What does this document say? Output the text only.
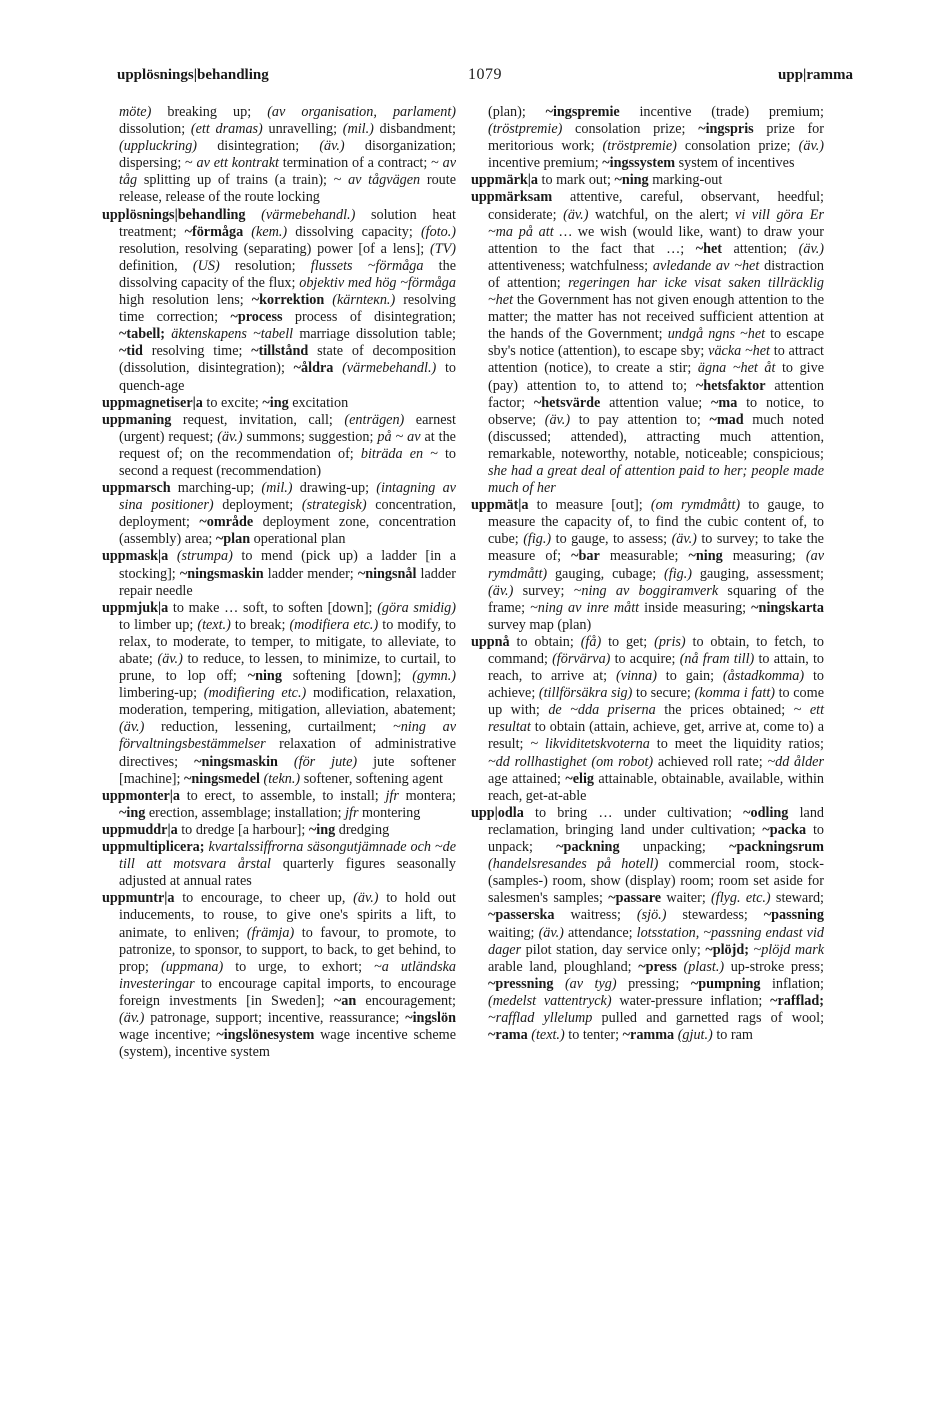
upplösnings|behandling	1079	upp|ramma

möte) breaking up; (av organisation, parlament) dissolution; (ett dramas) unravelling; (mil.) disbandment; (uppluckring) disintegration; (äv.) disorganization; dispersing; ~ av ett kontrakt termination of a contract; ~ av tåg splitting up of trains (a train); ~ av tågvägen route release, release of the route locking

upplösnings|behandling (värmebehandl.) solution heat treatment; ~förmåga (kem.) dissolving capacity; (foto.) resolution, resolving (separating) power [of a lens]; (TV) definition, (US) resolution; flussets ~förmåga the dissolving capacity of the flux; objektiv med hög ~förmåga high resolution lens; ~korrektion (kärnteкn.) resolving time correction; ~process process of disintegration; ~tabell; äktenskapens ~tabell marriage dissolution table; ~tid resolving time; ~tillstånd state of decomposition (dissolution, disintegration); ~åldra (värmebehandl.) to quench-age

uppmagnetiser|a to excite; ~ing excitation

uppmaning request, invitation, call; (enträgen) earnest (urgent) request; (äv.) summons; suggestion; på ~ av at the request of; on the recommendation of; biträda en ~ to second a request (recommendation)

uppmarsch marching-up; (mil.) drawing-up; (intagning av sina positioner) deployment; (strategisk) concentration, deployment; ~område deployment zone, concentration (assembly) area; ~plan operational plan

uppmask|a (strumpa) to mend (pick up) a ladder [in a stocking]; ~ningsmaskin ladder mender; ~ningsnål ladder repair needle

uppmjuk|a to make … soft, to soften [down]; (göra smidig) to limber up; (text.) to break; (modifiera etc.) to modify, to relax, to moderate, to temper, to mitigate, to alleviate, to abate; (äv.) to reduce, to lessen, to minimize, to curtail, to prune, to lop off; ~ning softening [down]; (gymn.) limbering-up; (modifiering etc.) modification, relaxation, moderation, tempering, mitigation, alleviation, abatement; (äv.) reduction, lessening, curtailment; ~ning av förvaltningsbestämmelser relaxation of administrative directives; ~ningsmaskin (för jute) jute softener [machine]; ~ningsmedel (tekn.) softener, softening agent

uppmonter|a to erect, to assemble, to install; jfr montera; ~ing erection, assemblage; installation; jfr montering

uppmuddr|a to dredge [a harbour]; ~ing dredging

uppmultiplicera; kvartalssiffrorna säsongutjämnade och ~de till att motsvara årstal quarterly figures seasonally adjusted at annual rates

uppmuntr|a to encourage, to cheer up, (äv.) to hold out inducements, to rouse, to give one's spirits a lift, to animate, to enliven; (främja) to favour, to promote, to patronize, to sponsor, to support, to back, to get behind, to prop; (uppmana) to urge, to exhort; ~a utländska investeringar to encourage capital imports, to encourage foreign investments [in Sweden]; ~an encouragement; (äv.) patronage, support; incentive, reassurance; ~ingslön wage incentive; ~ingslönesystem wage incentive scheme (system), incentive system

(plan); ~ingspremie incentive (trade) premium; (tröstpremie) consolation prize; ~ingspris prize for meritorious work; (tröstpremie) consolation prize; (äv.) incentive premium; ~ingssystem system of incentives

uppmärk|a to mark out; ~ning marking-out

uppmärksam attentive, careful, observant, heedful; considerate; (äv.) watchful, on the alert; vi vill göra Er ~ma på att … we wish (would like, want) to draw your attention to the fact that …; ~het attention; (äv.) attentiveness; watchfulness; avledande av ~het distraction of attention; regeringen har icke visat saken tillräcklig ~het the Government has not given enough attention to the matter; the matter has not received sufficient attention at the hands of the Government; undgå ngns ~het to escape sby's notice (attention), to escape sby; väcka ~het to attract attention (notice), to create a stir; ägna ~het åt to give (pay) attention to, to attend to; ~hetsfaktor attention factor; ~hetsvärde attention value; ~ma to notice, to observe; (äv.) to pay attention to; ~mad much noted (discussed; attended), attracting much attention, remarkable, noteworthy, notable, noticeable; conspicious; she had a great deal of attention paid to her; people made much of her

uppmät|a to measure [out]; (om rymdmått) to gauge, to measure the capacity of, to find the cubic content of, to cube; (fig.) to gauge, to assess; (äv.) to survey; to take the measure of; ~bar measurable; ~ning measuring; (av rymdmått) gauging, cubage; (fig.) gauging, assessment; (äv.) survey; ~ning av boggiramverk squaring of the frame; ~ning av inre mått inside measuring; ~ningskarta survey map (plan)

uppnå to obtain; (få) to get; (pris) to obtain, to fetch, to command; (förvärva) to acquire; (nå fram till) to attain, to reach, to arrive at; (vinna) to gain; (åstadkomma) to achieve; (tillförsäkra sig) to secure; (komma i fatt) to come up with; de ~dda priserna the prices obtained; ~ ett resultat to obtain (attain, achieve, get, arrive at, come to) a result; ~ likviditetskvoterna to meet the liquidity ratios; ~dd rollhastighet (om robot) achieved roll rate; ~dd ålder age attained; ~elig attainable, obtainable, available, within reach, get-at-able

upp|odla to bring … under cultivation; ~odling land reclamation, bringing land under cultivation; ~packa to unpack; ~packning unpacking; ~packningsrum (handelsresandes på hotell) commercial room, stock- (samples-) room, show (display) room; room set aside for salesmen's samples; ~passare waiter; (flyg. etc.) steward; ~passerska waitress; (sjö.) stewardess; ~passning waiting; (äv.) attendance; lotsstation, ~passning endast vid dager pilot station, day service only; ~plöjd; ~plöjd mark arable land, ploughland; ~press (plast.) up-stroke press; ~pressning (av tyg) pressing; ~pumpning inflation; (medelst vattentryck) water-pressure inflation; ~rafflad; ~rafflad yllelump pulled and garnetted rags of wool; ~rama (text.) to tenter; ~ramma (gjut.) to ram
